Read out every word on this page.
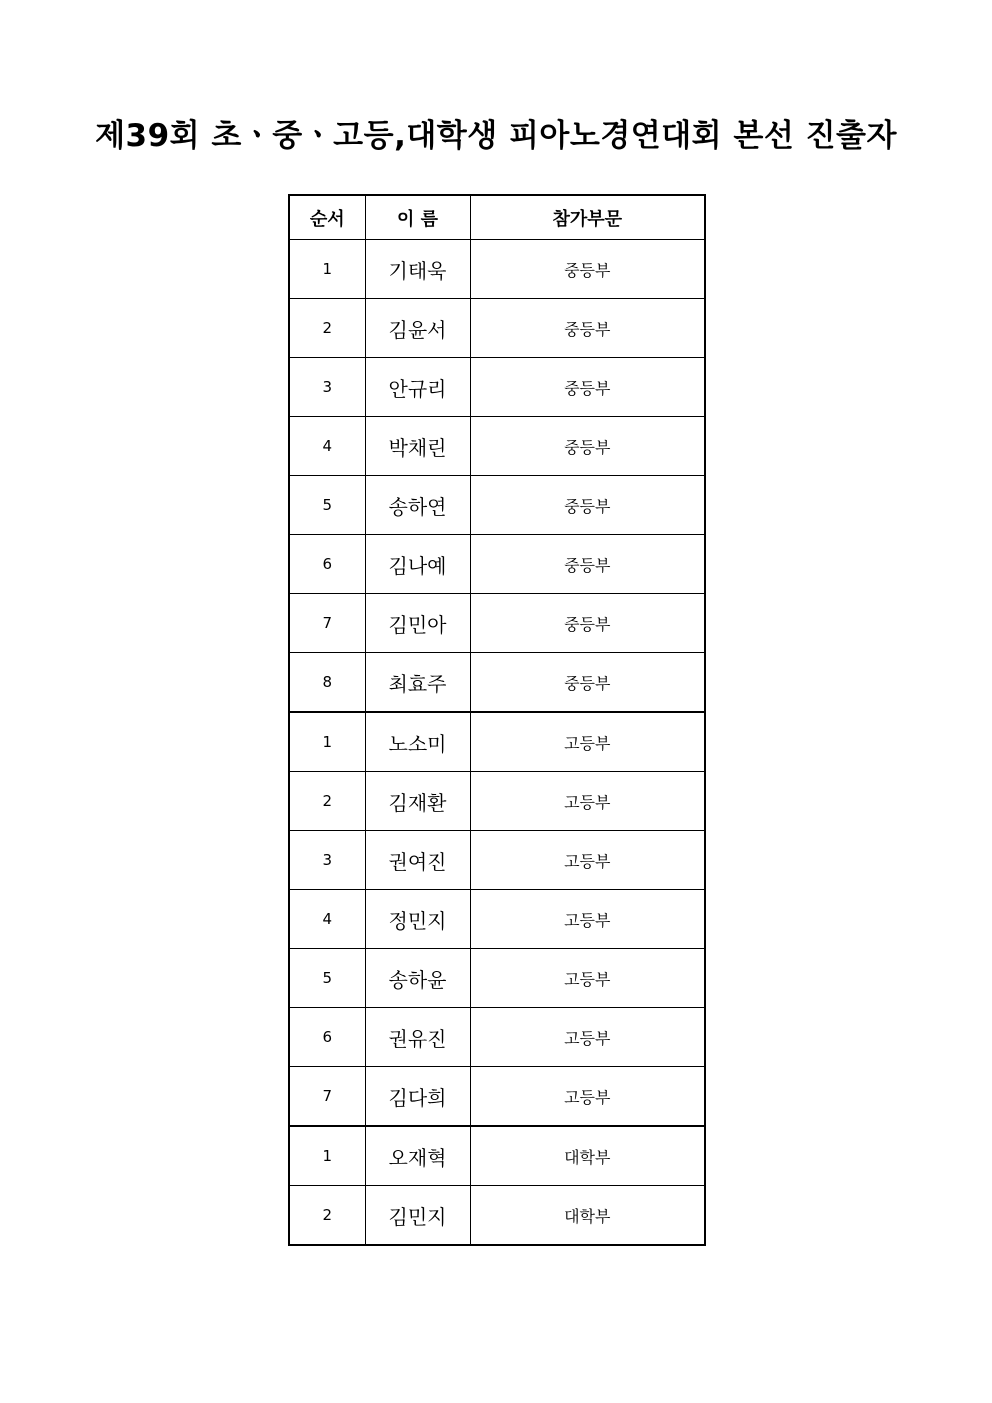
제39회 초ㆍ중ㆍ고등,대학생 피아노경연대회 본선 진출자
순서	이 름	참가부문
1	기태욱	중등부
2	김윤서	중등부
3	안규리	중등부
4	박채린	중등부
5	송하연	중등부
6	김나예	중등부
7	김민아	중등부
8	최효주	중등부
1	노소미	고등부
2	김재환	고등부
3	권여진	고등부
4	정민지	고등부
5	송하윤	고등부
6	권유진	고등부
7	김다희	고등부
1	오재혁	대학부
2	김민지	대학부
